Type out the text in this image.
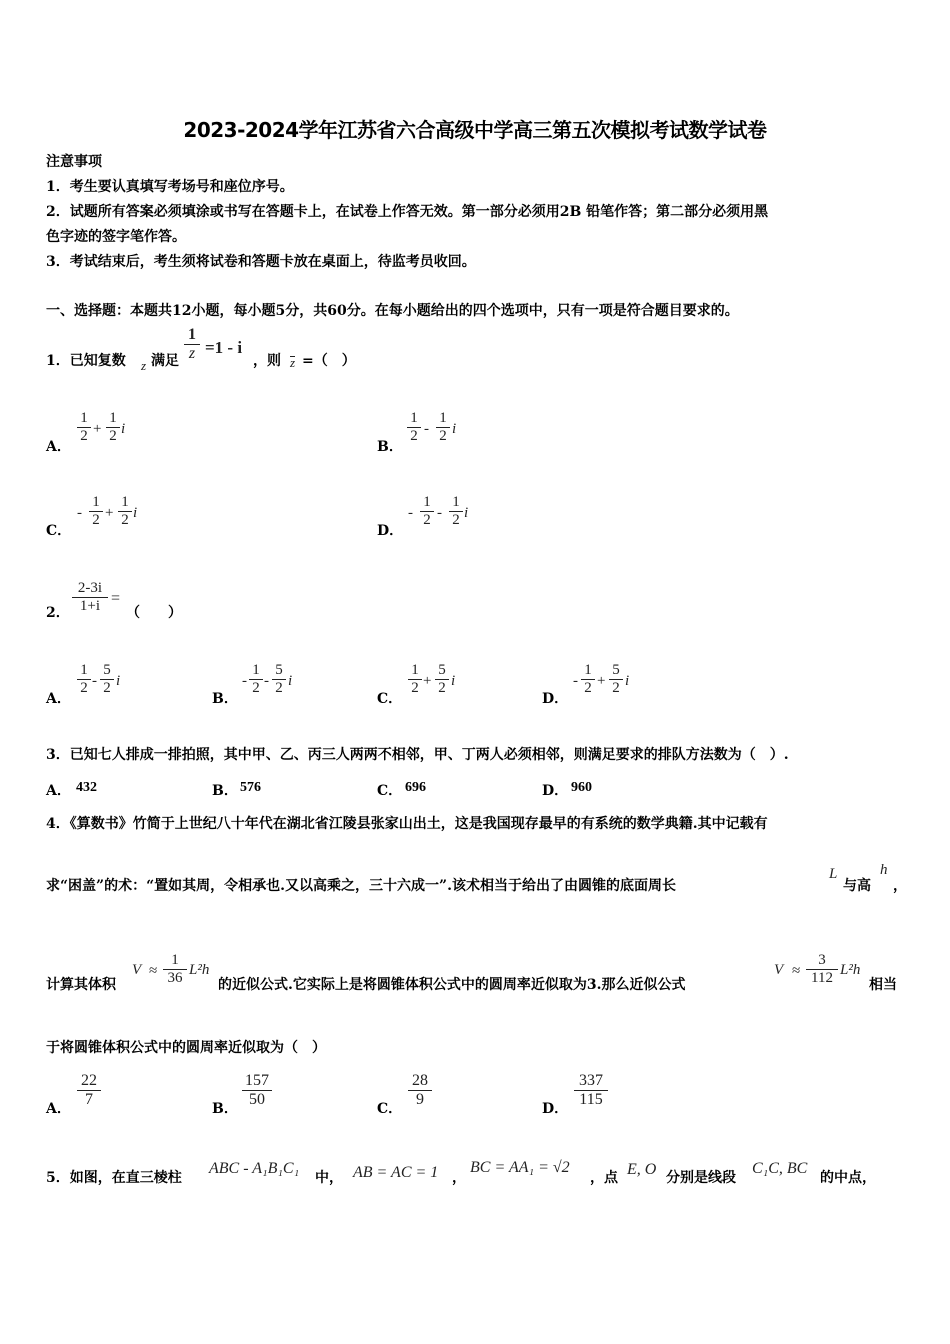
2023-2024学年江苏省六合高级中学高三第五次模拟考试数学试卷
注意事项
1．考生要认真填写考场号和座位序号。
2．试题所有答案必须填涂或书写在答题卡上，在试卷上作答无效。第一部分必须用2B 铅笔作答；第二部分必须用黑
色字迹的签字笔作答。
3．考试结束后，考生须将试卷和答题卡放在桌面上，待监考员收回。
一、选择题：本题共12小题，每小题5分，共60分。在每小题给出的四个选项中，只有一项是符合题目要求的。
1．已知复数 z 满足 $\frac{1}{z} =1 - i$
，则 z =（　）
A．
$\frac{1}{2} + \frac{1}{2}$ i
B．
$\frac{1}{2} - \frac{1}{2}$ i
C．
- $\frac{1}{2} + \frac{1}{2}$ i
D．
- $\frac{1}{2} - \frac{1}{2}$ i
2． $\frac{2-3i}{1+i}$ =
（　　）
A．
$\frac{1}{2} - \frac{5}{2}$ i
B．
- $\frac{1}{2} - \frac{5}{2}$ i
C．
$\frac{1}{2} + \frac{5}{2}$ i
D．
- $\frac{1}{2} + \frac{5}{2}$ i
3．已知七人排成一排拍照，其中甲、乙、丙三人两两不相邻，甲、丁两人必须相邻，则满足要求的排队方法数为（　）.
A． 432	B． 576	C． 696	D． 960
4．《算数书》竹简于上世纪八十年代在湖北省江陵县张家山出土，这是我国现存最早的有系统的数学典籍.其中记载有
求“困盖”的术：“置如其周，令相承也.又以高乘之，三十六成一”.该术相当于给出了由圆锥的底面周长
L
与高
h
，
计算其体积
$V \approx \frac{1}{36} L^2h$
的近似公式.它实际上是将圆锥体积公式中的圆周率近似取为3.那么近似公式
$V \approx \frac{3}{112} L^2h$
相当
于将圆锥体积公式中的圆周率近似取为（　）
A． $\frac{22}{7}$	B． $\frac{157}{50}$	C． $\frac{28}{9}$	D． $\frac{337}{115}$
5．如图，在直三棱柱
ABC - A₁B₁C₁
中， AB = AC = 1 ，
BC = AA₁ = √2
，点 E, O 分别是线段
C₁C, BC
的中点，
